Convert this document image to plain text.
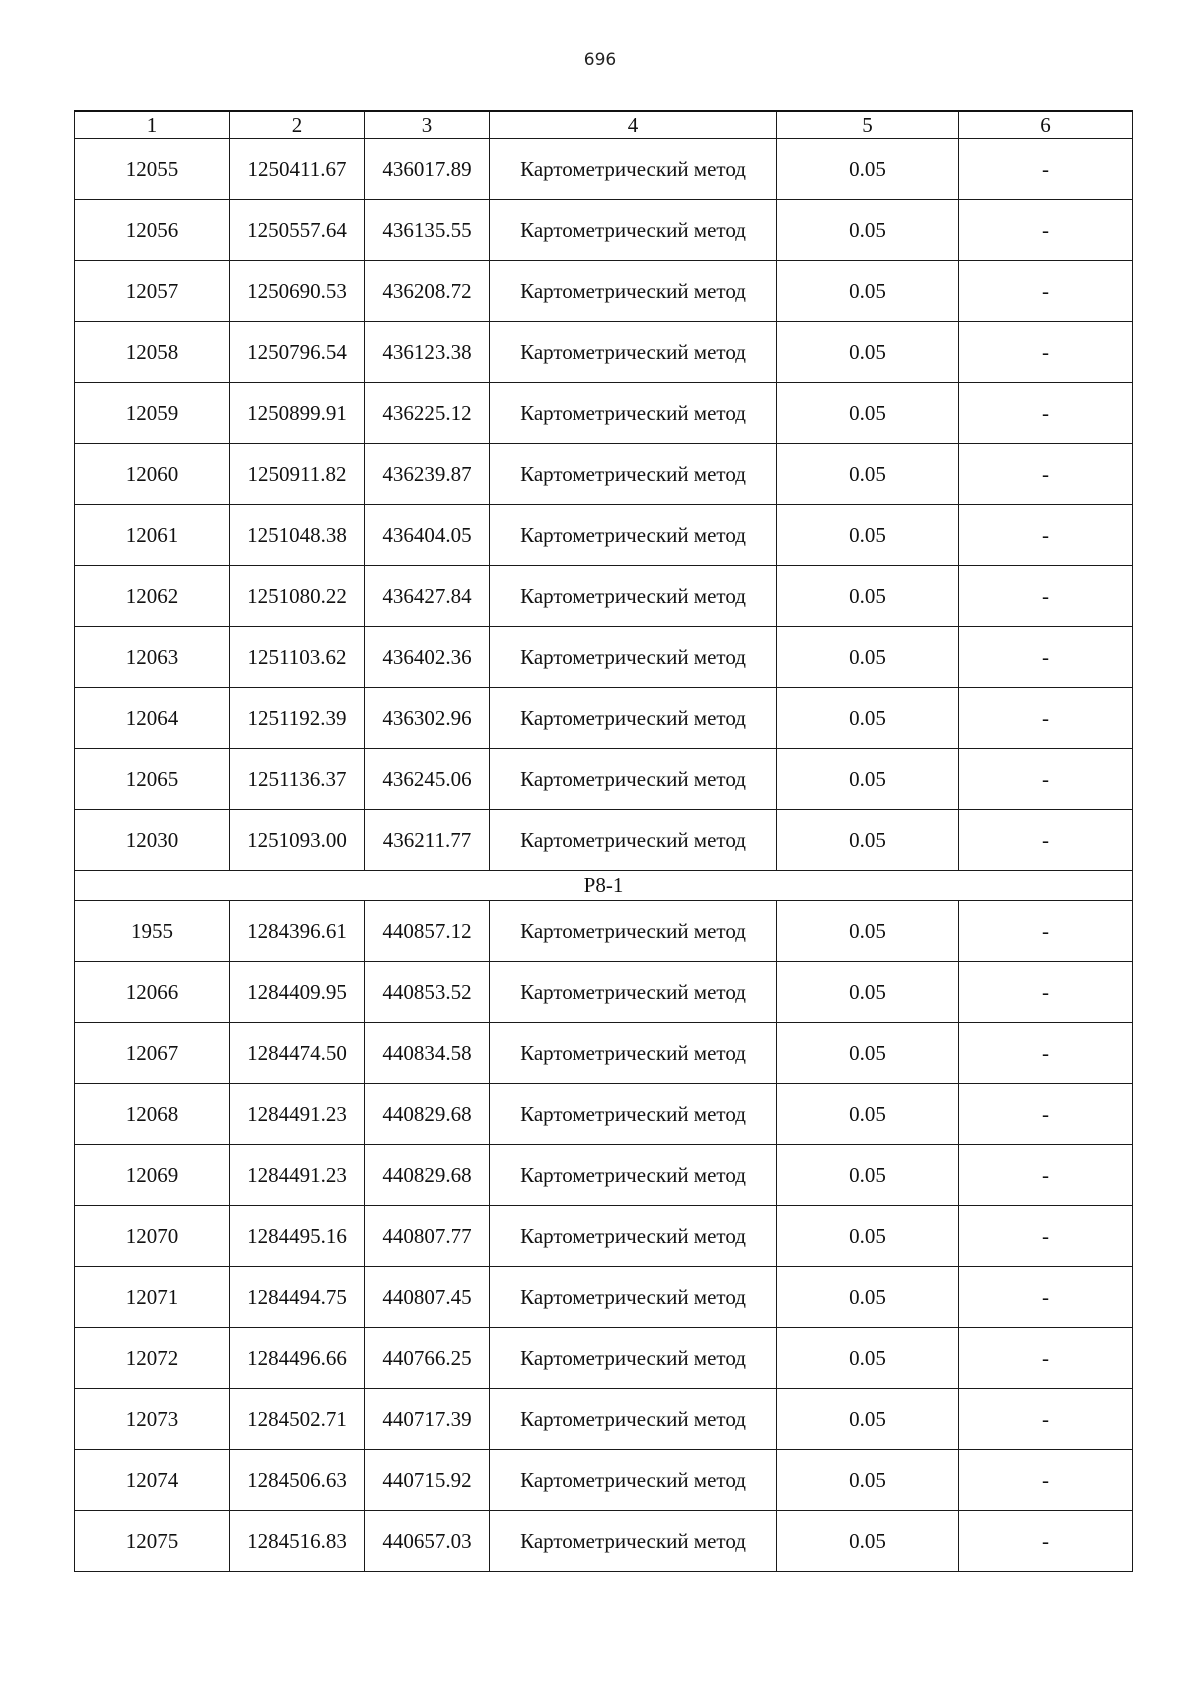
696
1	2	3	4	5	6
12055	1250411.67	436017.89	Картометрический метод	0.05	-
12056	1250557.64	436135.55	Картометрический метод	0.05	-
12057	1250690.53	436208.72	Картометрический метод	0.05	-
12058	1250796.54	436123.38	Картометрический метод	0.05	-
12059	1250899.91	436225.12	Картометрический метод	0.05	-
12060	1250911.82	436239.87	Картометрический метод	0.05	-
12061	1251048.38	436404.05	Картометрический метод	0.05	-
12062	1251080.22	436427.84	Картометрический метод	0.05	-
12063	1251103.62	436402.36	Картометрический метод	0.05	-
12064	1251192.39	436302.96	Картометрический метод	0.05	-
12065	1251136.37	436245.06	Картометрический метод	0.05	-
12030	1251093.00	436211.77	Картометрический метод	0.05	-
Р8-1					
1955	1284396.61	440857.12	Картометрический метод	0.05	-
12066	1284409.95	440853.52	Картометрический метод	0.05	-
12067	1284474.50	440834.58	Картометрический метод	0.05	-
12068	1284491.23	440829.68	Картометрический метод	0.05	-
12069	1284491.23	440829.68	Картометрический метод	0.05	-
12070	1284495.16	440807.77	Картометрический метод	0.05	-
12071	1284494.75	440807.45	Картометрический метод	0.05	-
12072	1284496.66	440766.25	Картометрический метод	0.05	-
12073	1284502.71	440717.39	Картометрический метод	0.05	-
12074	1284506.63	440715.92	Картометрический метод	0.05	-
12075	1284516.83	440657.03	Картометрический метод	0.05	-
